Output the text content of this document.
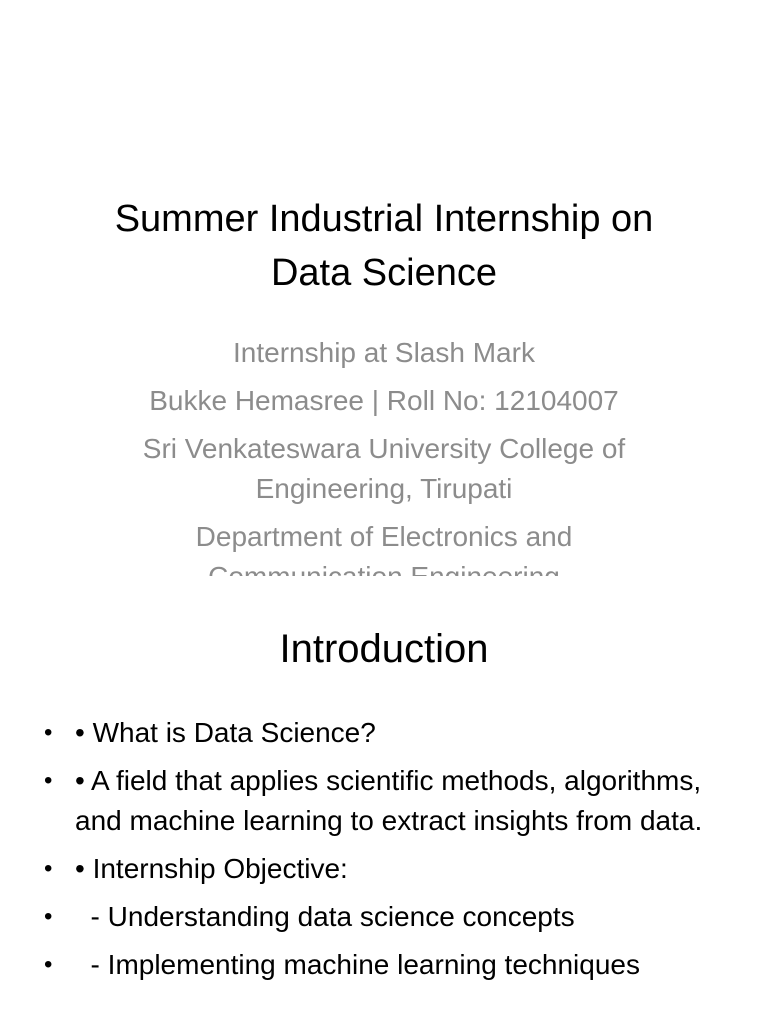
Summer Industrial Internship on
Data Science
Internship at Slash Mark
Bukke Hemasree | Roll No: 12104007
Sri Venkateswara University College of Engineering, Tirupati
Department of Electronics and
Introduction
• • What is Data Science?
• • A field that applies scientific methods, algorithms, and machine learning to extract insights from data.
• • Internship Objective:
• - Understanding data science concepts
• - Implementing machine learning techniques
